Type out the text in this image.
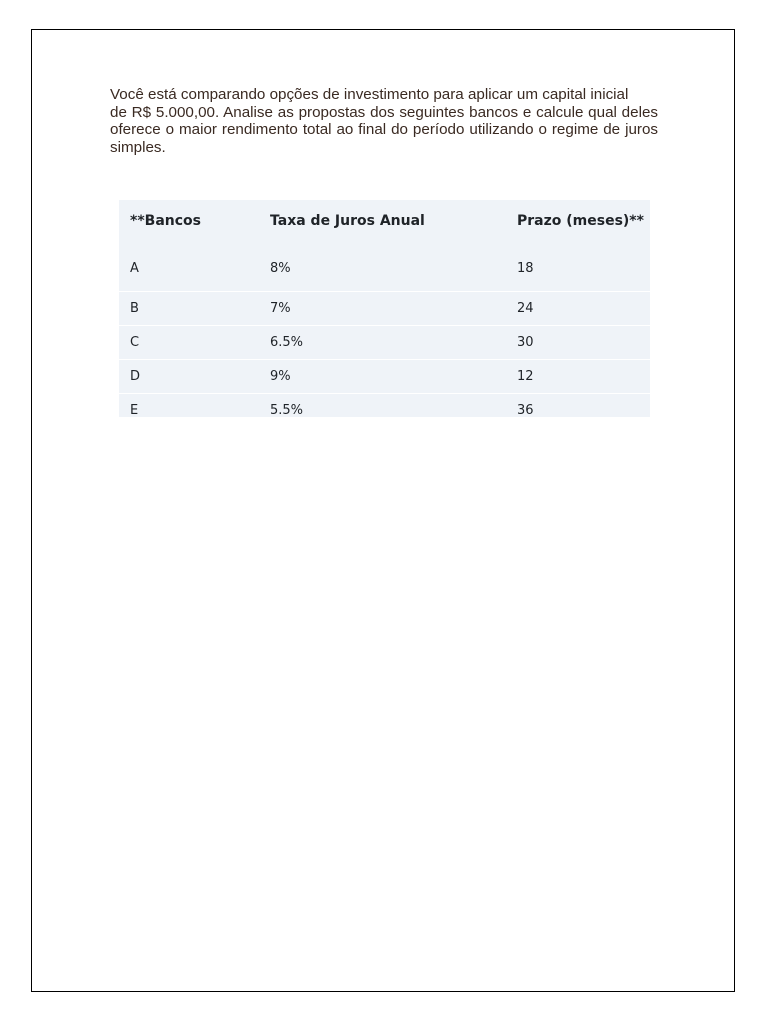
Você está comparando opções de investimento para aplicar um capital inicial

de R$ 5.000,00. Analise as propostas dos seguintes bancos e calcule qual deles oferece o maior rendimento total ao final do período utilizando o regime de juros simples.

**Bancos	Taxa de Juros Anual	Prazo (meses)**
A	8%	18
B	7%	24
C	6.5%	30
D	9%	12
E	5.5%	36
